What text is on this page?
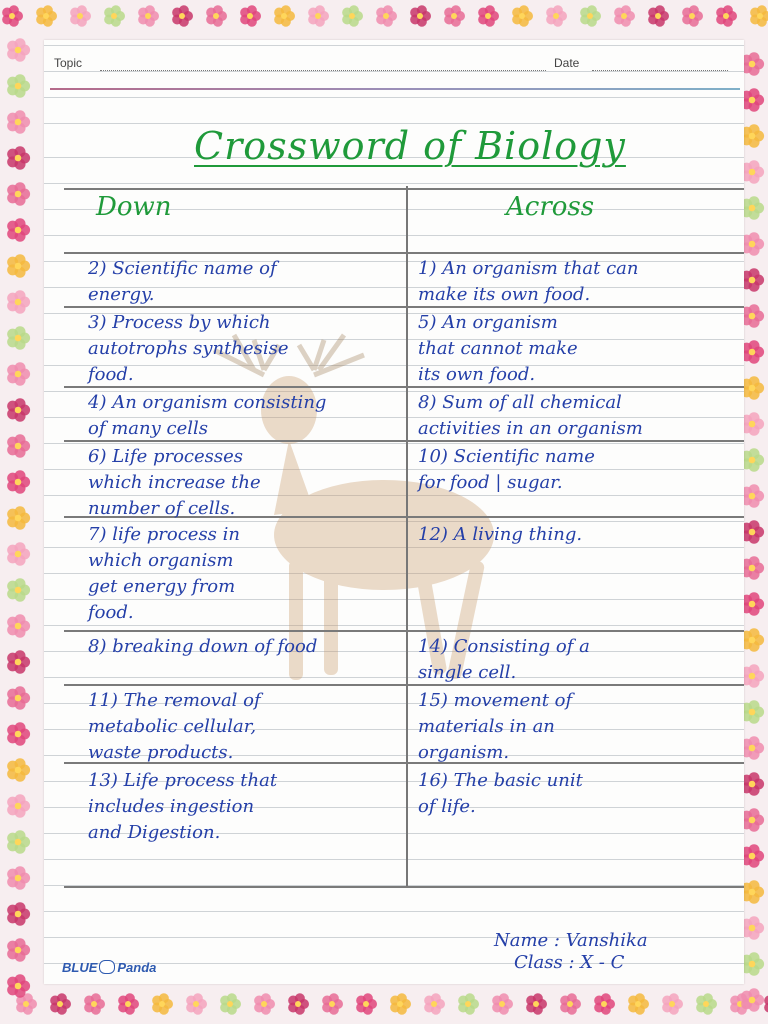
Topic	Date
Crossword of Biology
Down	Across
2) Scientific name of
energy.
3) Process by which
autotrophs synthesise
food.
4) An organism consisting
of many cells
6) Life processes
which increase the
number of cells.
7) life process in
which organism
get energy from
food.
8) breaking down of food
11) The removal of
metabolic cellular,
waste products.
13) Life process that
includes ingestion
and Digestion.
1) An organism that can
make its own food.
5) An organism
that cannot make
its own food.
8) Sum of all chemical
activities in an organism
10) Scientific name
for food | sugar.
12) A living thing.
14) Consisting of a
single cell.
15) movement of
materials in an
organism.
16) The basic unit
of life.
Name : Vanshika
Class : X - C
BLUE Panda
